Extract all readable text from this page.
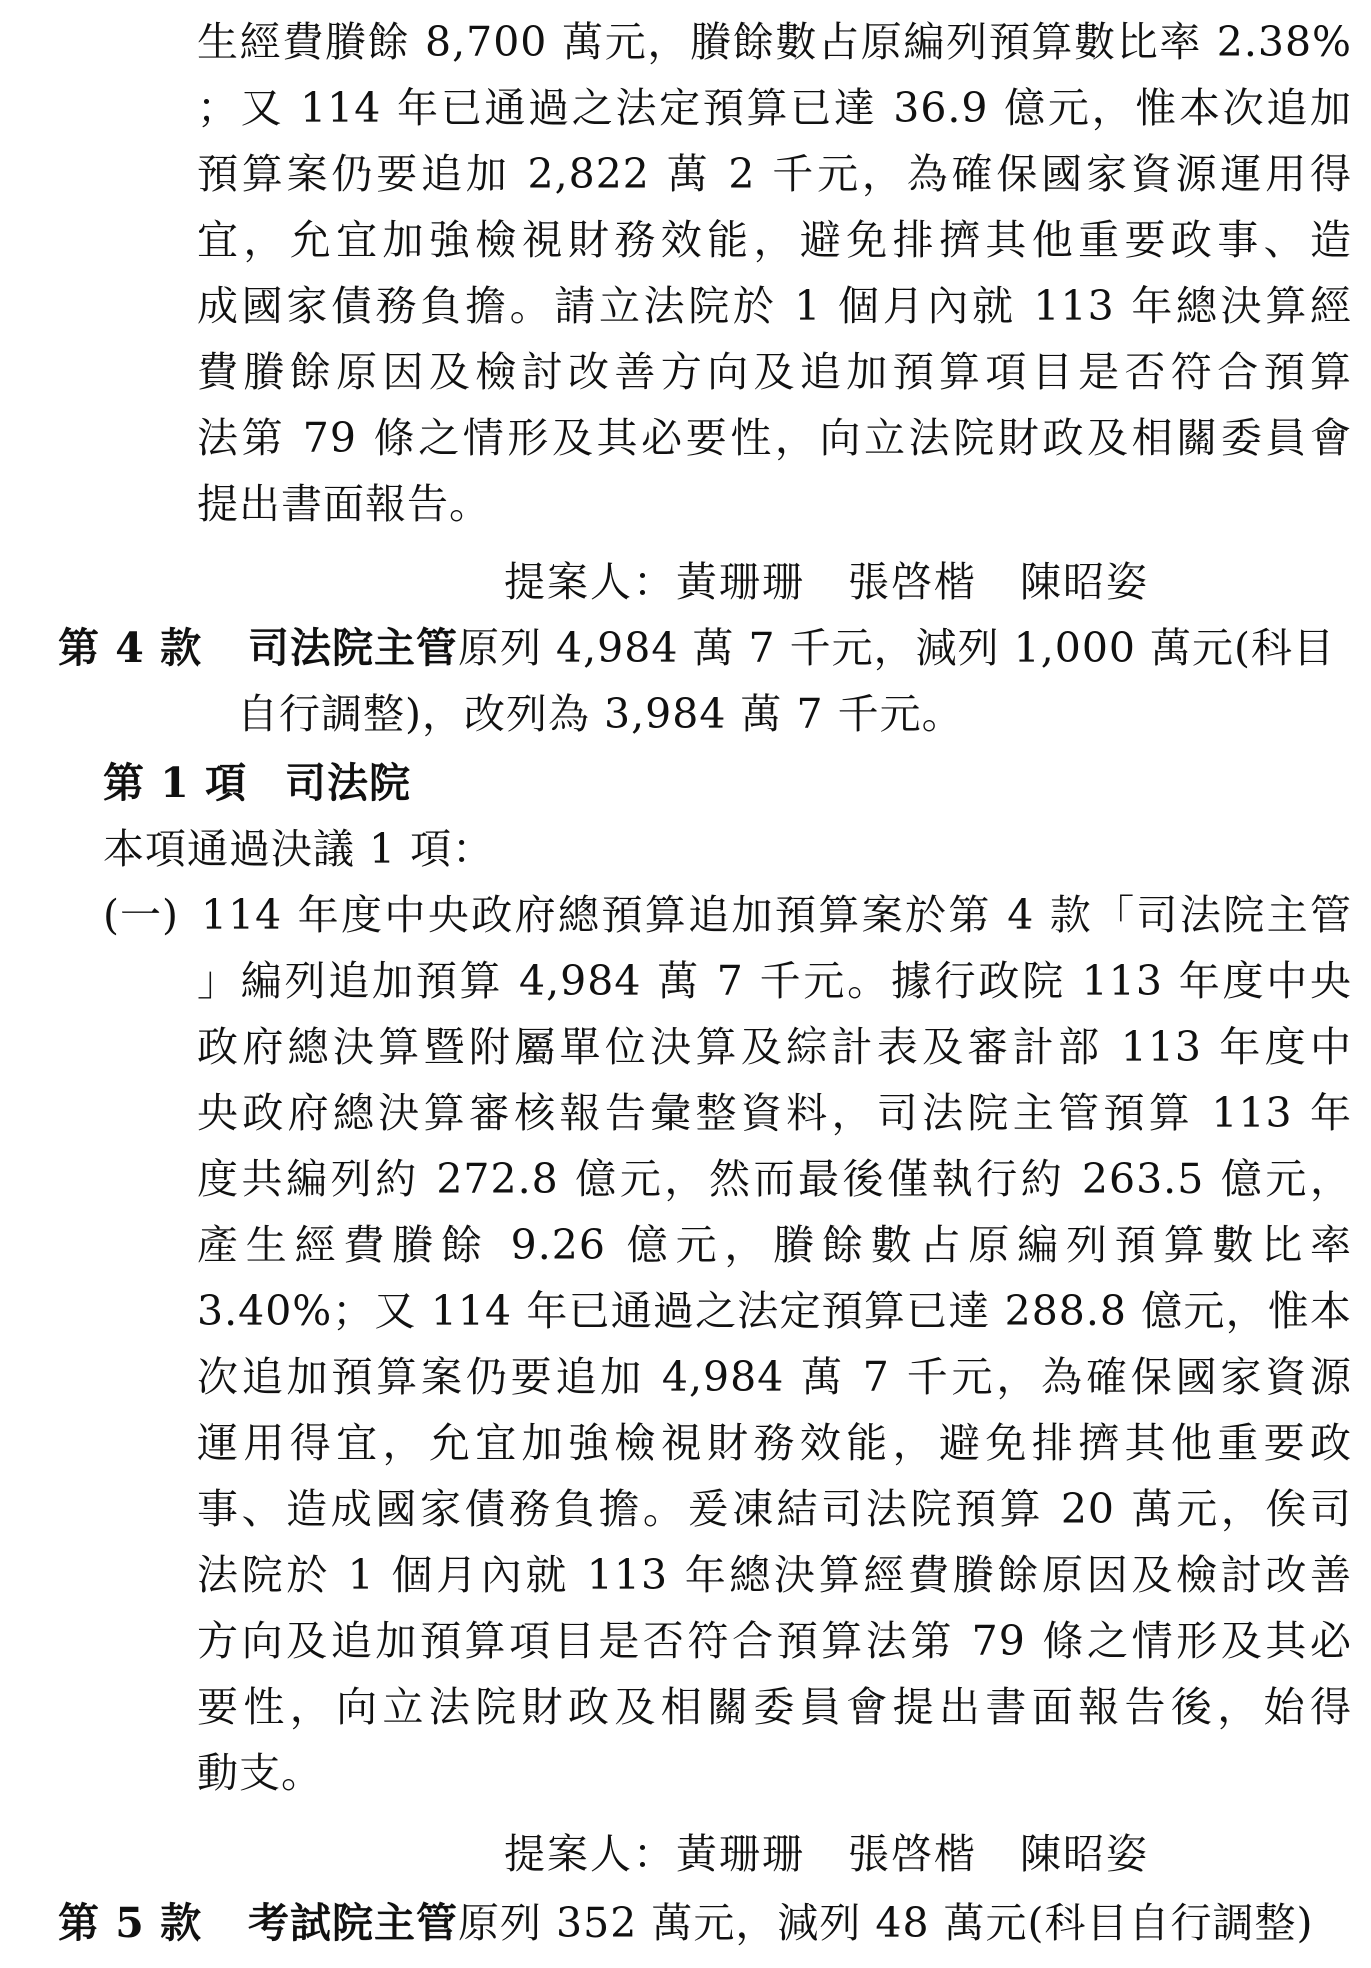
生經費賸餘 8,700 萬元，賸餘數占原編列預算數比率 2.38%
；又 114 年已通過之法定預算已達 36.9 億元，惟本次追加
預算案仍要追加 2,822 萬 2 千元，為確保國家資源運用得
宜，允宜加強檢視財務效能，避免排擠其他重要政事、造
成國家債務負擔。請立法院於 1 個月內就 113 年總決算經
費賸餘原因及檢討改善方向及追加預算項目是否符合預算
法第 79 條之情形及其必要性，向立法院財政及相關委員會
提出書面報告。
提案人：黃珊珊　張啓楷　陳昭姿
第 4 款 司法院主管原列 4,984 萬 7 千元，減列 1,000 萬元(科目
自行調整)，改列為 3,984 萬 7 千元。
第 1 項 司法院
本項通過決議 1 項：
(一) 114 年度中央政府總預算追加預算案於第 4 款「司法院主管
」編列追加預算 4,984 萬 7 千元。據行政院 113 年度中央
政府總決算暨附屬單位決算及綜計表及審計部 113 年度中
央政府總決算審核報告彙整資料，司法院主管預算 113 年
度共編列約 272.8 億元，然而最後僅執行約 263.5 億元，
產生經費賸餘 9.26 億元，賸餘數占原編列預算數比率
3.40%；又 114 年已通過之法定預算已達 288.8 億元，惟本
次追加預算案仍要追加 4,984 萬 7 千元，為確保國家資源
運用得宜，允宜加強檢視財務效能，避免排擠其他重要政
事、造成國家債務負擔。爰凍結司法院預算 20 萬元，俟司
法院於 1 個月內就 113 年總決算經費賸餘原因及檢討改善
方向及追加預算項目是否符合預算法第 79 條之情形及其必
要性，向立法院財政及相關委員會提出書面報告後，始得
動支。
提案人：黃珊珊　張啓楷　陳昭姿
第 5 款 考試院主管原列 352 萬元，減列 48 萬元(科目自行調整)
